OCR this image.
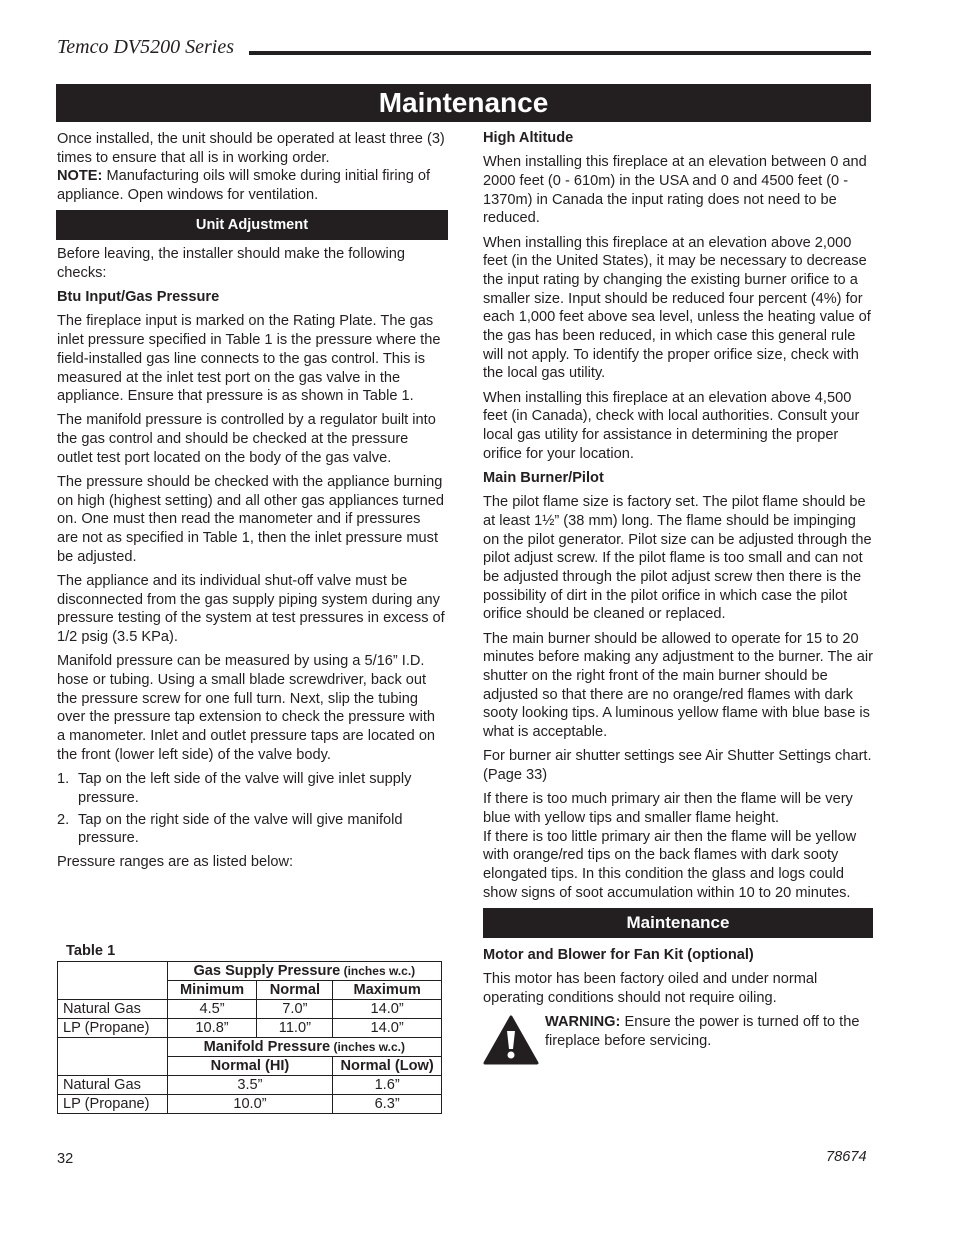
Temco DV5200 Series
Maintenance

Once installed, the unit should be operated at least three (3) times to ensure that all is in working order.
NOTE: Manufacturing oils will smoke during initial firing of appliance. Open windows for ventilation.

Unit Adjustment

Before leaving, the installer should make the following checks:

Btu Input/Gas Pressure

The fireplace input is marked on the Rating Plate. The gas inlet pressure specified in Table 1 is the pressure where the field-installed gas line connects to the gas control. This is measured at the inlet test port on the gas valve in the appliance. Ensure that pressure is as shown in Table 1.

The manifold pressure is controlled by a regulator built into the gas control and should be checked at the pressure outlet test port located on the body of the gas valve.

The pressure should be checked with the appliance burning on high (highest setting) and all other gas appliances turned on. One must then read the manometer and if pressures are not as specified in Table 1, then the inlet pressure must be adjusted.

The appliance and its individual shut-off valve must be disconnected from the gas supply piping system during any pressure testing of the system at test pressures in excess of 1/2 psig (3.5 KPa).

Manifold pressure can be measured by using a 5/16” I.D. hose or tubing. Using a small blade screwdriver, back out the pressure screw for one full turn. Next, slip the tubing over the pressure tap extension to check the pressure with a manometer. Inlet and outlet pressure taps are located on the front (lower left side) of the valve body.

1. Tap on the left side of the valve will give inlet supply pressure.
2. Tap on the right side of the valve will give manifold pressure.

Pressure ranges are as listed below:

Table 1
	Gas Supply Pressure (inches w.c.)		
	Minimum	Normal	Maximum
Natural Gas	4.5”	7.0”	14.0”
LP (Propane)	10.8”	11.0”	14.0”
	Manifold Pressure (inches w.c.)		
	Normal (HI)		Normal (Low)
Natural Gas	3.5”		1.6”
LP (Propane)	10.0”		6.3”
High Altitude

When installing this fireplace at an elevation between 0 and 2000 feet (0 - 610m) in the USA and 0 and 4500 feet (0 - 1370m) in Canada the input rating does not need to be reduced.

When installing this fireplace at an elevation above 2,000 feet (in the United States), it may be necessary to decrease the input rating by changing the existing burner orifice to a smaller size. Input should be reduced four percent (4%) for each 1,000 feet above sea level, unless the heating value of the gas has been reduced, in which case this general rule will not apply. To identify the proper orifice size, check with the local gas utility.

When installing this fireplace at an elevation above 4,500 feet (in Canada), check with local authorities. Consult your local gas utility for assistance in determining the proper orifice for your location.

Main Burner/Pilot

The pilot flame size is factory set. The pilot flame should be at least 1½” (38 mm) long. The flame should be impinging on the pilot generator. Pilot size can be adjusted through the pilot adjust screw. If the pilot flame is too small and can not be adjusted through the pilot adjust screw then there is the possibility of dirt in the pilot orifice in which case the pilot orifice should be cleaned or replaced.

The main burner should be allowed to operate for 15 to 20 minutes before making any adjustment to the burner. The air shutter on the right front of the main burner should be adjusted so that there are no orange/red flames with dark sooty looking tips. A luminous yellow flame with blue base is what is acceptable.

For burner air shutter settings see Air Shutter Settings chart. (Page 33)

If there is too much primary air then the flame will be very blue with yellow tips and smaller flame height.
If there is too little primary air then the flame will be yellow with orange/red tips on the back flames with dark sooty elongated tips. In this condition the glass and logs could show signs of soot accumulation within 10 to 20 minutes.

Maintenance
Motor and Blower for Fan Kit (optional)

This motor has been factory oiled and under normal operating conditions should not require oiling.

WARNING: Ensure the power is turned off to the fireplace before servicing.
32	78674
